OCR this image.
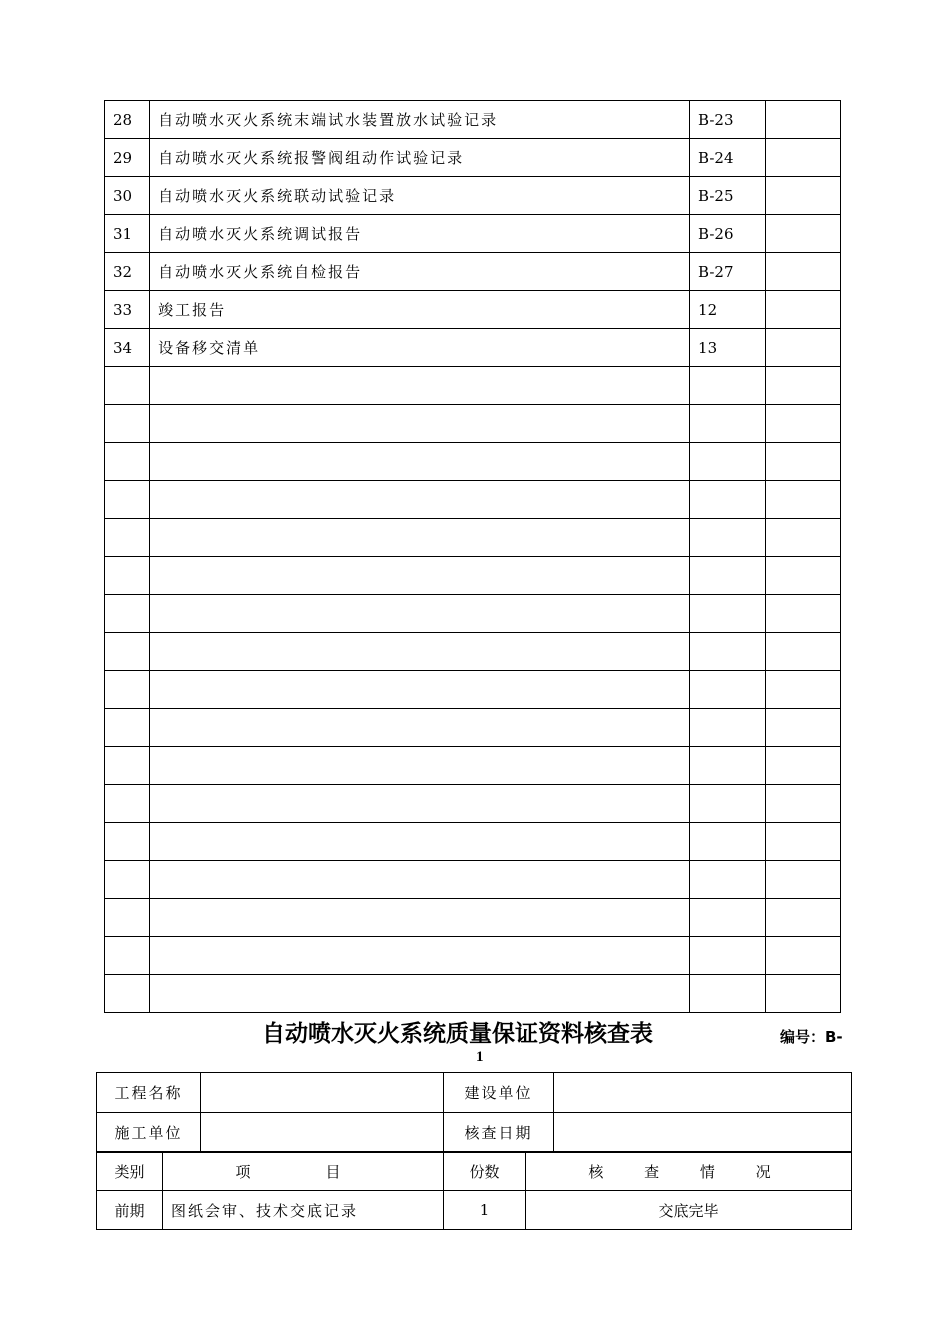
28	自动喷水灭火系统末端试水装置放水试验记录	B-23	
29	自动喷水灭火系统报警阀组动作试验记录	B-24	
30	自动喷水灭火系统联动试验记录	B-25	
31	自动喷水灭火系统调试报告	B-26	
32	自动喷水灭火系统自检报告	B-27	
33	竣工报告	12	
34	设备移交清单	13	

自动喷水灭火系统质量保证资料核查表	编号：B-
1
工程名称		建设单位	
施工单位		核查日期	
类别	项　目	份数	核 查 情 况
前期	图纸会审、技术交底记录	1	交底完毕
